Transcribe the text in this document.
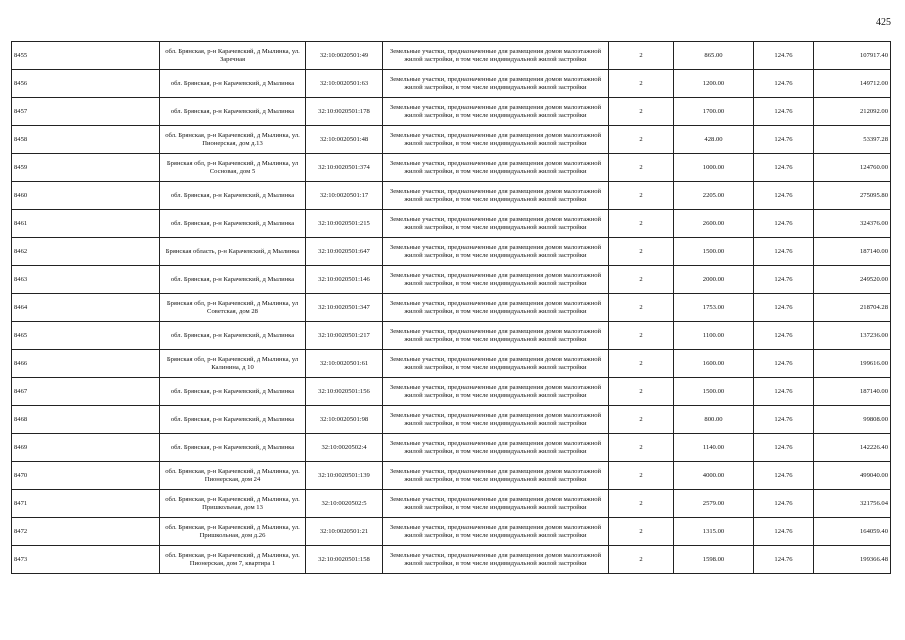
425
8455	обл. Брянская, р-н Карачевский, д Мылинка, ул. Заречная	32:10:0020501:49	Земельные участки, предназначенные для размещения домов малоэтажной жилой застройки, в том числе индивидуальной жилой застройки	2	865.00	124.76	107917.40
8456	обл. Брянская, р-н Карачевский, д Мылинка	32:10:0020501:63	Земельные участки, предназначенные для размещения домов малоэтажной жилой застройки, в том числе индивидуальной жилой застройки	2	1200.00	124.76	149712.00
8457	обл. Брянская, р-н Карачевский, д Мылинка	32:10:0020501:178	Земельные участки, предназначенные для размещения домов малоэтажной жилой застройки, в том числе индивидуальной жилой застройки	2	1700.00	124.76	212092.00
8458	обл. Брянская, р-н Карачевский, д Мылинка, ул. Пионерская, дом д.13	32:10:0020501:48	Земельные участки, предназначенные для размещения домов малоэтажной жилой застройки, в том числе индивидуальной жилой застройки	2	428.00	124.76	53397.28
8459	Брянская обл, р-н Карачевский, д Мылинка, ул Сосновая, дом 5	32:10:0020501:374	Земельные участки, предназначенные для размещения домов малоэтажной жилой застройки, в том числе индивидуальной жилой застройки	2	1000.00	124.76	124760.00
8460	обл. Брянская, р-н Карачевский, д Мылинка	32:10:0020501:17	Земельные участки, предназначенные для размещения домов малоэтажной жилой застройки, в том числе индивидуальной жилой застройки	2	2205.00	124.76	275095.80
8461	обл. Брянская, р-н Карачевский, д Мылинка	32:10:0020501:215	Земельные участки, предназначенные для размещения домов малоэтажной жилой застройки, в том числе индивидуальной жилой застройки	2	2600.00	124.76	324376.00
8462	Брянская область, р-н Карачевский, д Мылинка	32:10:0020501:647	Земельные участки, предназначенные для размещения домов малоэтажной жилой застройки, в том числе индивидуальной жилой застройки	2	1500.00	124.76	187140.00
8463	обл. Брянская, р-н Карачевский, д Мылинка	32:10:0020501:146	Земельные участки, предназначенные для размещения домов малоэтажной жилой застройки, в том числе индивидуальной жилой застройки	2	2000.00	124.76	249520.00
8464	Брянская обл, р-н Карачевский, д Мылинка, ул Советская, дом 28	32:10:0020501:347	Земельные участки, предназначенные для размещения домов малоэтажной жилой застройки, в том числе индивидуальной жилой застройки	2	1753.00	124.76	218704.28
8465	обл. Брянская, р-н Карачевский, д Мылинка	32:10:0020501:217	Земельные участки, предназначенные для размещения домов малоэтажной жилой застройки, в том числе индивидуальной жилой застройки	2	1100.00	124.76	137236.00
8466	Брянская обл, р-н Карачевский, д Мылинка, ул Калинина, д 10	32:10:0020501:61	Земельные участки, предназначенные для размещения домов малоэтажной жилой застройки, в том числе индивидуальной жилой застройки	2	1600.00	124.76	199616.00
8467	обл. Брянская, р-н Карачевский, д Мылинка	32:10:0020501:156	Земельные участки, предназначенные для размещения домов малоэтажной жилой застройки, в том числе индивидуальной жилой застройки	2	1500.00	124.76	187140.00
8468	обл. Брянская, р-н Карачевский, д Мылинка	32:10:0020501:98	Земельные участки, предназначенные для размещения домов малоэтажной жилой застройки, в том числе индивидуальной жилой застройки	2	800.00	124.76	99808.00
8469	обл. Брянская, р-н Карачевский, д Мылинка	32:10:0020502:4	Земельные участки, предназначенные для размещения домов малоэтажной жилой застройки, в том числе индивидуальной жилой застройки	2	1140.00	124.76	142226.40
8470	обл. Брянская, р-н Карачевский, д Мылинка, ул. Пионерская, дом 24	32:10:0020501:139	Земельные участки, предназначенные для размещения домов малоэтажной жилой застройки, в том числе индивидуальной жилой застройки	2	4000.00	124.76	499040.00
8471	обл. Брянская, р-н Карачевский, д Мылинка, ул. Пришкольная, дом 13	32:10:0020502:5	Земельные участки, предназначенные для размещения домов малоэтажной жилой застройки, в том числе индивидуальной жилой застройки	2	2579.00	124.76	321756.04
8472	обл. Брянская, р-н Карачевский, д Мылинка, ул. Пришкольная, дом д.26	32:10:0020501:21	Земельные участки, предназначенные для размещения домов малоэтажной жилой застройки, в том числе индивидуальной жилой застройки	2	1315.00	124.76	164059.40
8473	обл. Брянская, р-н Карачевский, д Мылинка, ул. Пионерская, дом 7, квартира 1	32:10:0020501:158	Земельные участки, предназначенные для размещения домов малоэтажной жилой застройки, в том числе индивидуальной жилой застройки	2	1598.00	124.76	199366.48
